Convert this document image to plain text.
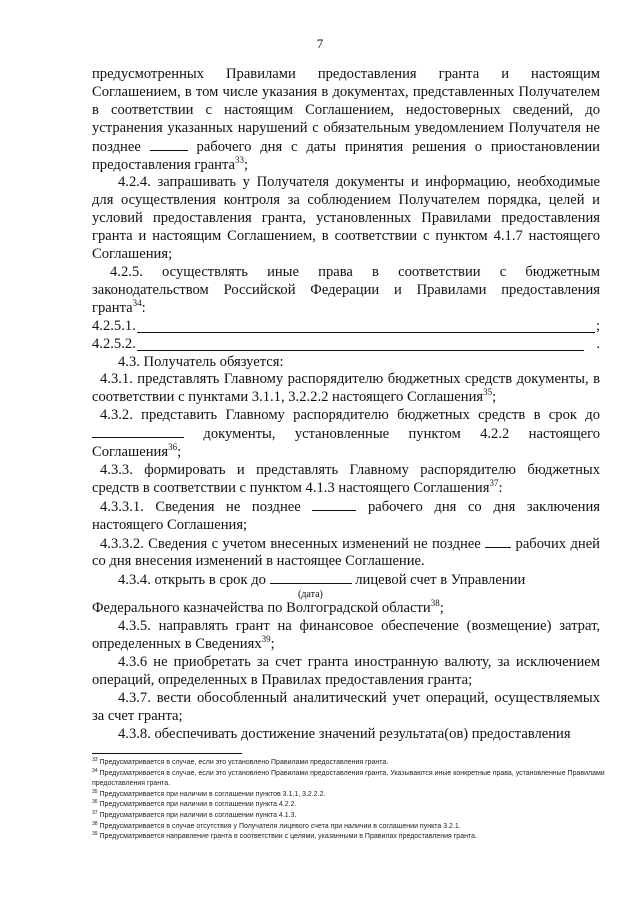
7

предусмотренных Правилами предоставления гранта и настоящим Соглашением, в том числе указания в документах, представленных Получателем в соответствии с настоящим Соглашением, недостоверных сведений, до устранения указанных нарушений с обязательным уведомлением Получателя не позднее	рабочего дня с даты принятия решения о приостановлении предоставления гранта$^{33}$;

4.2.4. запрашивать у Получателя документы и информацию, необходимые для осуществления контроля за соблюдением Получателем порядка, целей и условий предоставления гранта, установленных Правилами предоставления гранта и настоящим Соглашением, в соответствии с пунктом 4.1.7 настоящего Соглашения;

4.2.5. осуществлять иные права в соответствии с бюджетным законодательством Российской Федерации и Правилами предоставления гранта$^{34}$:

4.2.5.1.	;
4.2.5.2.	.

4.3. Получатель обязуется:

4.3.1. представлять Главному распорядителю бюджетных средств документы, в соответствии с пунктами 3.1.1, 3.2.2.2 настоящего Соглашения$^{35}$;

4.3.2. представить Главному распорядителю бюджетных средств в срок до  документы, установленные пунктом 4.2.2 настоящего Соглашения$^{36}$;

4.3.3. формировать и представлять Главному распорядителю бюджетных средств в соответствии с пунктом 4.1.3 настоящего Соглашения$^{37}$:

4.3.3.1. Сведения не позднее	рабочего дня со дня заключения настоящего Соглашения;

4.3.3.2. Сведения с учетом внесенных изменений не позднее рабочих дней со дня внесения изменений в настоящее Соглашение.

4.3.4. открыть в срок до	лицевой счет в Управлении

(дата)

Федерального казначейства по Волгоградской области$^{38}$;

4.3.5. направлять грант на финансовое обеспечение (возмещение) затрат, определенных в Сведениях$^{39}$;

4.3.6 не приобретать за счет гранта иностранную валюту, за исключением операций, определенных в Правилах предоставления гранта;

4.3.7. вести обособленный аналитический учет операций, осуществляемых за счет гранта;

4.3.8. обеспечивать достижение значений результата(ов) предоставления

$^{33}$ Предусматривается в случае, если это установлено Правилами предоставления гранта.

$^{34}$ Предусматривается в случае, если это установлено Правилами предоставления гранта. Указываются иные конкретные права, установленные Правилами предоставления гранта.

$^{35}$ Предусматривается при наличии в соглашении пунктов 3.1.1, 3.2.2.2.

$^{36}$ Предусматривается при наличии в соглашении пункта 4.2.2.

$^{37}$ Предусматривается при наличии в соглашении пункта 4.1.3.

$^{38}$ Предусматривается в случае отсутствия у Получателя лицевого счета при наличии в соглашении пункта 3.2.1.

$^{39}$ Предусматривается направление гранта в соответствии с целями, указанными в Правилах предоставления гранта.
